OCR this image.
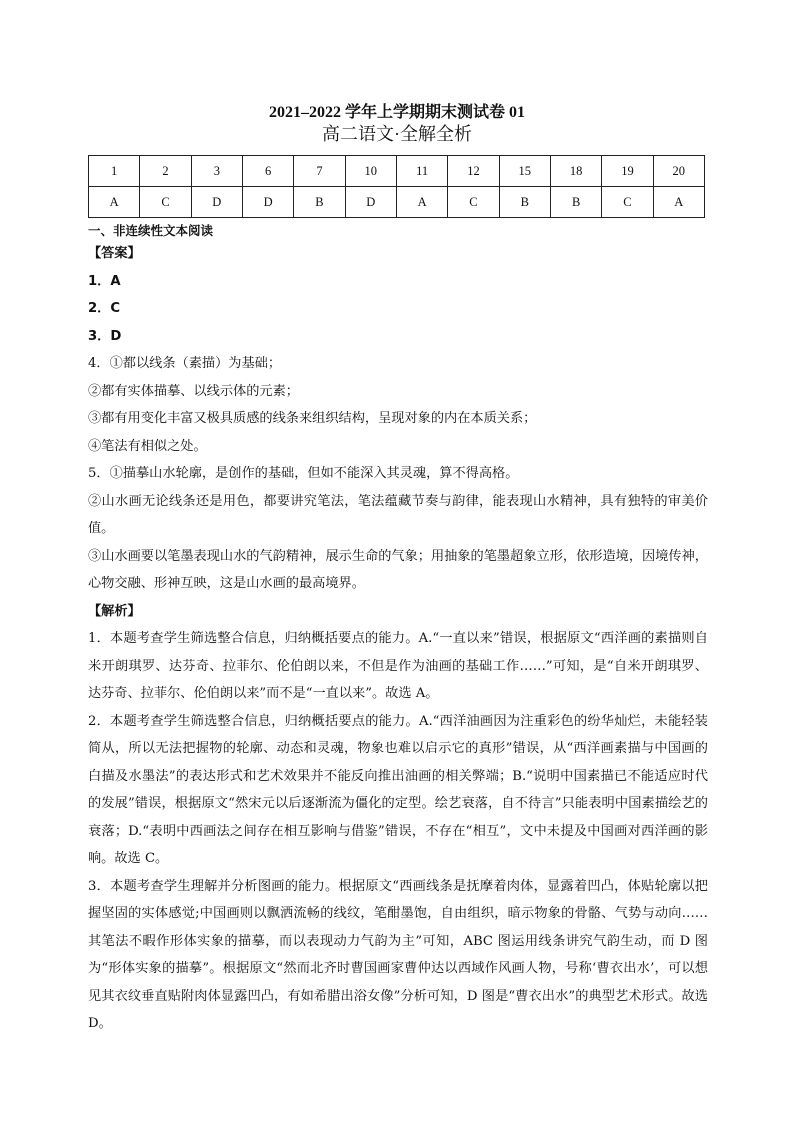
2021–2022 学年上学期期末测试卷 01
高二语文·全解全析
1	2	3	6	7	10	11	12	15	18	19	20
A	C	D	D	B	D	A	C	B	B	C	A

一、非连续性文本阅读

【答案】

1．A

2．C

3．D

4．①都以线条（素描）为基础；

②都有实体描摹、以线示体的元素；

③都有用变化丰富又极具质感的线条来组织结构，呈现对象的内在本质关系；

④笔法有相似之处。

5．①描摹山水轮廓，是创作的基础，但如不能深入其灵魂，算不得高格。

②山水画无论线条还是用色，都要讲究笔法，笔法蕴藏节奏与韵律，能表现山水精神，具有独特的审美价值。

③山水画要以笔墨表现山水的气韵精神，展示生命的气象；用抽象的笔墨超象立形，依形造境，因境传神，心物交融、形神互映，这是山水画的最高境界。

【解析】

1．本题考查学生筛选整合信息，归纳概括要点的能力。A.“一直以来”错误，根据原文“西洋画的素描则自米开朗琪罗、达芬奇、拉菲尔、伦伯朗以来，不但是作为油画的基础工作……”可知，是“自米开朗琪罗、达芬奇、拉菲尔、伦伯朗以来”而不是“一直以来”。故选 A。

2．本题考查学生筛选整合信息，归纳概括要点的能力。A.“西洋油画因为注重彩色的纷华灿烂，未能轻装简从，所以无法把握物的轮廓、动态和灵魂，物象也难以启示它的真形”错误，从“西洋画素描与中国画的白描及水墨法”的表达形式和艺术效果并不能反向推出油画的相关弊端；B.“说明中国素描已不能适应时代的发展”错误，根据原文“然宋元以后逐渐流为僵化的定型。绘艺衰落，自不待言”只能表明中国素描绘艺的衰落；D.“表明中西画法之间存在相互影响与借鉴”错误，不存在“相互”，文中未提及中国画对西洋画的影响。故选 C。

3．本题考查学生理解并分析图画的能力。根据原文“西画线条是抚摩着肉体，显露着凹凸，体贴轮廓以把握坚固的实体感觉;中国画则以飘洒流畅的线纹，笔酣墨饱，自由组织，暗示物象的骨骼、气势与动向……其笔法不暇作形体实象的描摹，而以表现动力气韵为主”可知，ABC 图运用线条讲究气韵生动，而 D 图为“形体实象的描摹”。根据原文“然而北齐时曹国画家曹仲达以西域作风画人物，号称‘曹衣出水’，可以想见其衣纹垂直贴附肉体显露凹凸，有如希腊出浴女像”分析可知，D 图是“曹衣出水”的典型艺术形式。故选 D。
